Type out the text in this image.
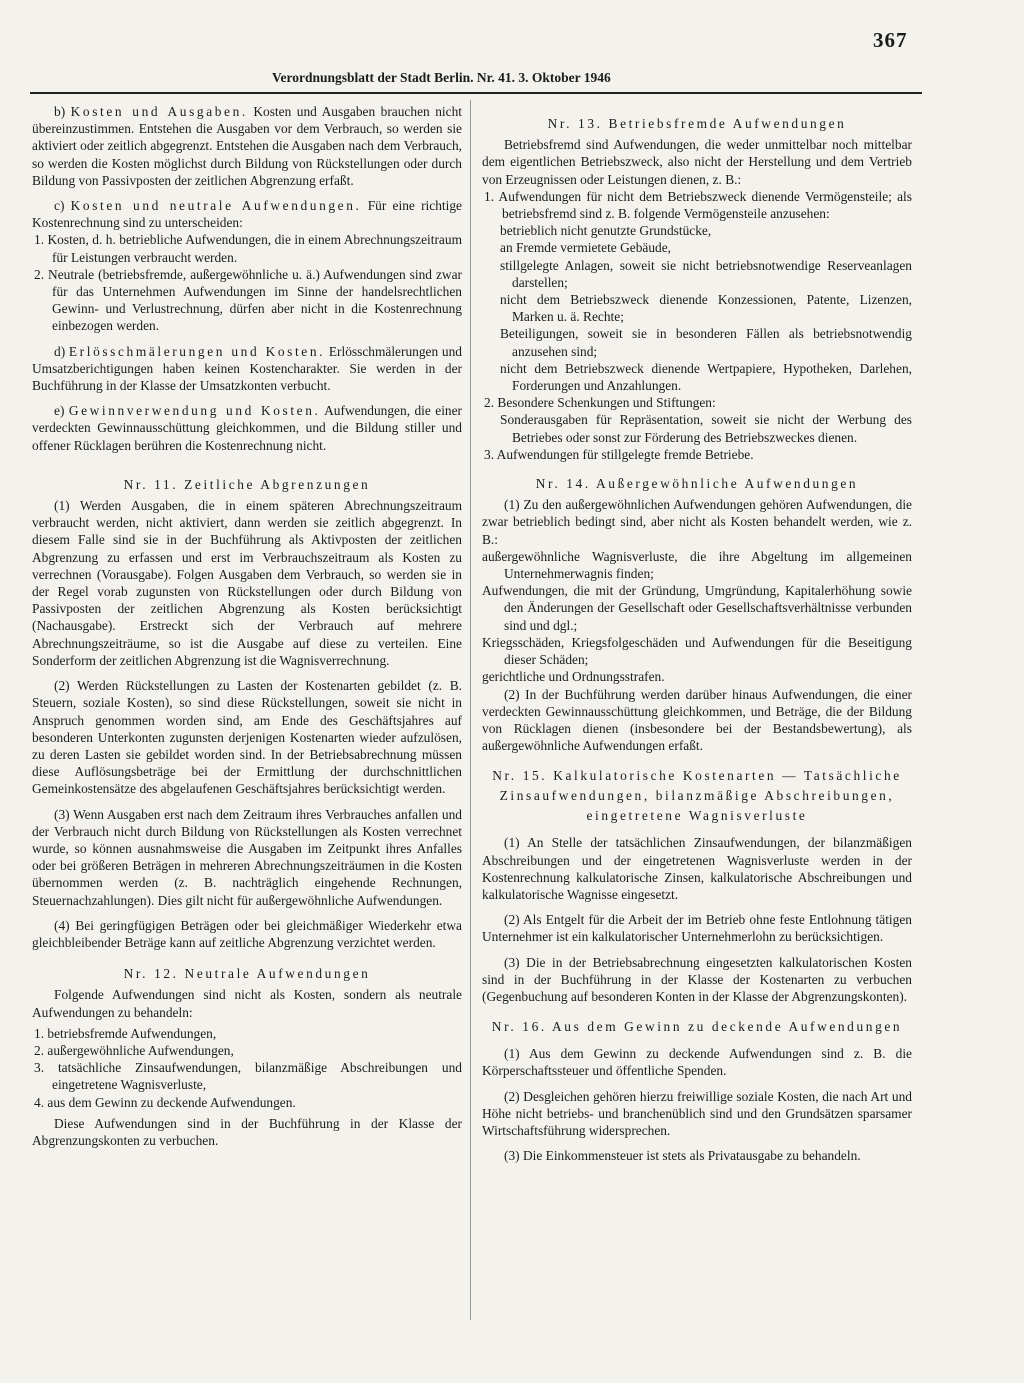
367
Verordnungsblatt der Stadt Berlin. Nr. 41. 3. Oktober 1946

b) Kosten und Ausgaben. Kosten und Ausgaben brauchen nicht übereinzustimmen. Entstehen die Ausgaben vor dem Verbrauch, so werden sie aktiviert oder zeitlich abgegrenzt. Entstehen die Ausgaben nach dem Verbrauch, so werden die Kosten möglichst durch Bildung von Rückstellungen oder durch Bildung von Passivposten der zeitlichen Abgrenzung erfaßt.

c) Kosten und neutrale Aufwendungen. Für eine richtige Kostenrechnung sind zu unterscheiden:

1. Kosten, d. h. betriebliche Aufwendungen, die in einem Abrechnungszeitraum für Leistungen verbraucht werden.

2. Neutrale (betriebsfremde, außergewöhnliche u. ä.) Aufwendungen sind zwar für das Unternehmen Aufwendungen im Sinne der handelsrechtlichen Gewinn- und Verlustrechnung, dürfen aber nicht in die Kostenrechnung einbezogen werden.

d) Erlösschmälerungen und Kosten. Erlösschmälerungen und Umsatzberichtigungen haben keinen Kostencharakter. Sie werden in der Buchführung in der Klasse der Umsatzkonten verbucht.

e) Gewinnverwendung und Kosten. Aufwendungen, die einer verdeckten Gewinnausschüttung gleichkommen, und die Bildung stiller und offener Rücklagen berühren die Kostenrechnung nicht.

Nr. 11. Zeitliche Abgrenzungen

(1) Werden Ausgaben, die in einem späteren Abrechnungszeitraum verbraucht werden, nicht aktiviert, dann werden sie zeitlich abgegrenzt. In diesem Falle sind sie in der Buchführung als Aktivposten der zeitlichen Abgrenzung zu erfassen und erst im Verbrauchszeitraum als Kosten zu verrechnen (Vorausgabe). Folgen Ausgaben dem Verbrauch, so werden sie in der Regel vorab zugunsten von Rückstellungen oder durch Bildung von Passivposten der zeitlichen Abgrenzung als Kosten berücksichtigt (Nachausgabe). Erstreckt sich der Verbrauch auf mehrere Abrechnungszeiträume, so ist die Ausgabe auf diese zu verteilen. Eine Sonderform der zeitlichen Abgrenzung ist die Wagnisverrechnung.

(2) Werden Rückstellungen zu Lasten der Kostenarten gebildet (z. B. Steuern, soziale Kosten), so sind diese Rückstellungen, soweit sie nicht in Anspruch genommen worden sind, am Ende des Geschäftsjahres auf besonderen Unterkonten zugunsten derjenigen Kostenarten wieder aufzulösen, zu deren Lasten sie gebildet worden sind. In der Betriebsabrechnung müssen diese Auflösungsbeträge bei der Ermittlung der durchschnittlichen Gemeinkostensätze des abgelaufenen Geschäftsjahres berücksichtigt werden.

(3) Wenn Ausgaben erst nach dem Zeitraum ihres Verbrauches anfallen und der Verbrauch nicht durch Bildung von Rückstellungen als Kosten verrechnet wurde, so können ausnahmsweise die Ausgaben im Zeitpunkt ihres Anfalles oder bei größeren Beträgen in mehreren Abrechnungszeiträumen in die Kosten übernommen werden (z. B. nachträglich eingehende Rechnungen, Steuernachzahlungen). Dies gilt nicht für außergewöhnliche Aufwendungen.

(4) Bei geringfügigen Beträgen oder bei gleichmäßiger Wiederkehr etwa gleichbleibender Beträge kann auf zeitliche Abgrenzung verzichtet werden.

Nr. 12. Neutrale Aufwendungen

Folgende Aufwendungen sind nicht als Kosten, sondern als neutrale Aufwendungen zu behandeln:

1. betriebsfremde Aufwendungen,

2. außergewöhnliche Aufwendungen,

3. tatsächliche Zinsaufwendungen, bilanzmäßige Abschreibungen und eingetretene Wagnisverluste,

4. aus dem Gewinn zu deckende Aufwendungen.

Diese Aufwendungen sind in der Buchführung in der Klasse der Abgrenzungskonten zu verbuchen.

Nr. 13. Betriebsfremde Aufwendungen

Betriebsfremd sind Aufwendungen, die weder unmittelbar noch mittelbar dem eigentlichen Betriebszweck, also nicht der Herstellung und dem Vertrieb von Erzeugnissen oder Leistungen dienen, z. B.:

1. Aufwendungen für nicht dem Betriebszweck dienende Vermögensteile; als betriebsfremd sind z. B. folgende Vermögensteile anzusehen:

betrieblich nicht genutzte Grundstücke,

an Fremde vermietete Gebäude,

stillgelegte Anlagen, soweit sie nicht betriebsnotwendige Reserveanlagen darstellen;

nicht dem Betriebszweck dienende Konzessionen, Patente, Lizenzen, Marken u. ä. Rechte;

Beteiligungen, soweit sie in besonderen Fällen als betriebsnotwendig anzusehen sind;

nicht dem Betriebszweck dienende Wertpapiere, Hypotheken, Darlehen, Forderungen und Anzahlungen.

2. Besondere Schenkungen und Stiftungen:

Sonderausgaben für Repräsentation, soweit sie nicht der Werbung des Betriebes oder sonst zur Förderung des Betriebszweckes dienen.

3. Aufwendungen für stillgelegte fremde Betriebe.

Nr. 14. Außergewöhnliche Aufwendungen

(1) Zu den außergewöhnlichen Aufwendungen gehören Aufwendungen, die zwar betrieblich bedingt sind, aber nicht als Kosten behandelt werden, wie z. B.:

außergewöhnliche Wagnisverluste, die ihre Abgeltung im allgemeinen Unternehmerwagnis finden;

Aufwendungen, die mit der Gründung, Umgründung, Kapitalerhöhung sowie den Änderungen der Gesellschaft oder Gesellschaftsverhältnisse verbunden sind und dgl.;

Kriegsschäden, Kriegsfolgeschäden und Aufwendungen für die Beseitigung dieser Schäden;

gerichtliche und Ordnungsstrafen.

(2) In der Buchführung werden darüber hinaus Aufwendungen, die einer verdeckten Gewinnausschüttung gleichkommen, und Beträge, die der Bildung von Rücklagen dienen (insbesondere bei der Bestandsbewertung), als außergewöhnliche Aufwendungen erfaßt.

Nr. 15. Kalkulatorische Kostenarten — Tatsächliche Zinsaufwendungen, bilanzmäßige Abschreibungen, eingetretene Wagnisverluste

(1) An Stelle der tatsächlichen Zinsaufwendungen, der bilanzmäßigen Abschreibungen und der eingetretenen Wagnisverluste werden in der Kostenrechnung kalkulatorische Zinsen, kalkulatorische Abschreibungen und kalkulatorische Wagnisse eingesetzt.

(2) Als Entgelt für die Arbeit der im Betrieb ohne feste Entlohnung tätigen Unternehmer ist ein kalkulatorischer Unternehmerlohn zu berücksichtigen.

(3) Die in der Betriebsabrechnung eingesetzten kalkulatorischen Kosten sind in der Buchführung in der Klasse der Kostenarten zu verbuchen (Gegenbuchung auf besonderen Konten in der Klasse der Abgrenzungskonten).

Nr. 16. Aus dem Gewinn zu deckende Aufwendungen

(1) Aus dem Gewinn zu deckende Aufwendungen sind z. B. die Körperschaftssteuer und öffentliche Spenden.

(2) Desgleichen gehören hierzu freiwillige soziale Kosten, die nach Art und Höhe nicht betriebs- und branchenüblich sind und den Grundsätzen sparsamer Wirtschaftsführung widersprechen.

(3) Die Einkommensteuer ist stets als Privatausgabe zu behandeln.
